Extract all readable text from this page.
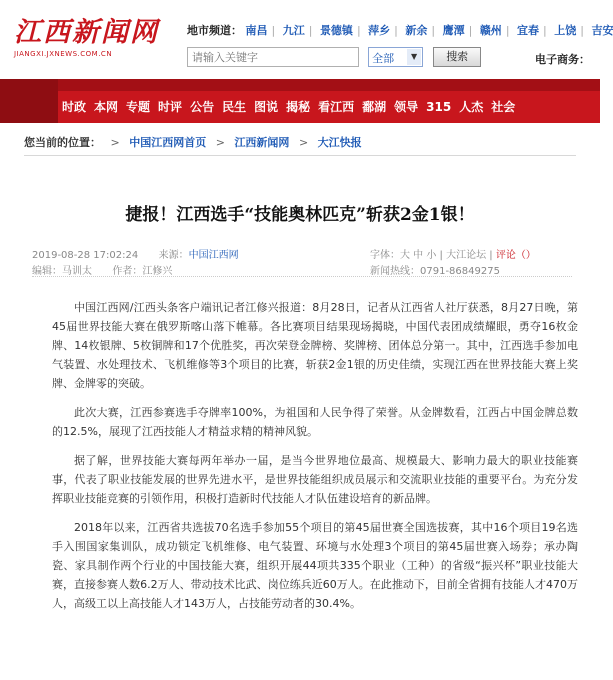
江西新闻网
JIANGXI.JXNEWS.COM.CN
地市频道： 南昌 | 九江 | 景德镇 | 萍乡 | 新余 | 鹰潭 | 赣州 | 宜春 | 上饶 | 吉安
请输入关键字 全部	▼	搜索	电子商务：
时政 本网 专题 时评 公告 民生 图说 揭秘 看江西 鄱湖 领导 315 人杰 社会
您当前的位置： > 中国江西网首页 > 江西新闻网 > 大江快报
捷报！江西选手“技能奥林匹克”斩获2金1银！
2019-08-28 17:02:24 来源：中国江西网	字体：大 中 小 | 大江论坛 | 评论（）
编辑：马训太 作者：江修兴	新闻热线：0791-86849275

中国江西网/江西头条客户端讯记者江修兴报道：8月28日，记者从江西省人社厅获悉，8月27日晚，第45届世界技能大赛在俄罗斯喀山落下帷幕。各比赛项目结果现场揭晓，中国代表团成绩耀眼，勇夺16枚金牌、14枚银牌、5枚铜牌和17个优胜奖，再次荣登金牌榜、奖牌榜、团体总分第一。其中，江西选手参加电气装置、水处理技术、飞机维修等3个项目的比赛，斩获2金1银的历史佳绩，实现江西在世界技能大赛上奖牌、金牌零的突破。

此次大赛，江西参赛选手夺牌率100%，为祖国和人民争得了荣誉。从金牌数看，江西占中国金牌总数的12.5%，展现了江西技能人才精益求精的精神风貌。

据了解，世界技能大赛每两年举办一届，是当今世界地位最高、规模最大、影响力最大的职业技能赛事，代表了职业技能发展的世界先进水平，是世界技能组织成员展示和交流职业技能的重要平台。为充分发挥职业技能竞赛的引领作用，积极打造新时代技能人才队伍建设培育的新品牌。

2018年以来，江西省共选拔70名选手参加55个项目的第45届世赛全国选拔赛，其中16个项目19名选手入围国家集训队，成功锁定飞机维修、电气装置、环境与水处理3个项目的第45届世赛入场券；承办陶瓷、家具制作两个行业的中国技能大赛，组织开展44项共335个职业（工种）的省级“振兴杯”职业技能大赛，直接参赛人数6.2万人、带动技术比武、岗位练兵近60万人。在此推动下，目前全省拥有技能人才470万人，高级工以上高技能人才143万人，占技能劳动者的30.4%。
